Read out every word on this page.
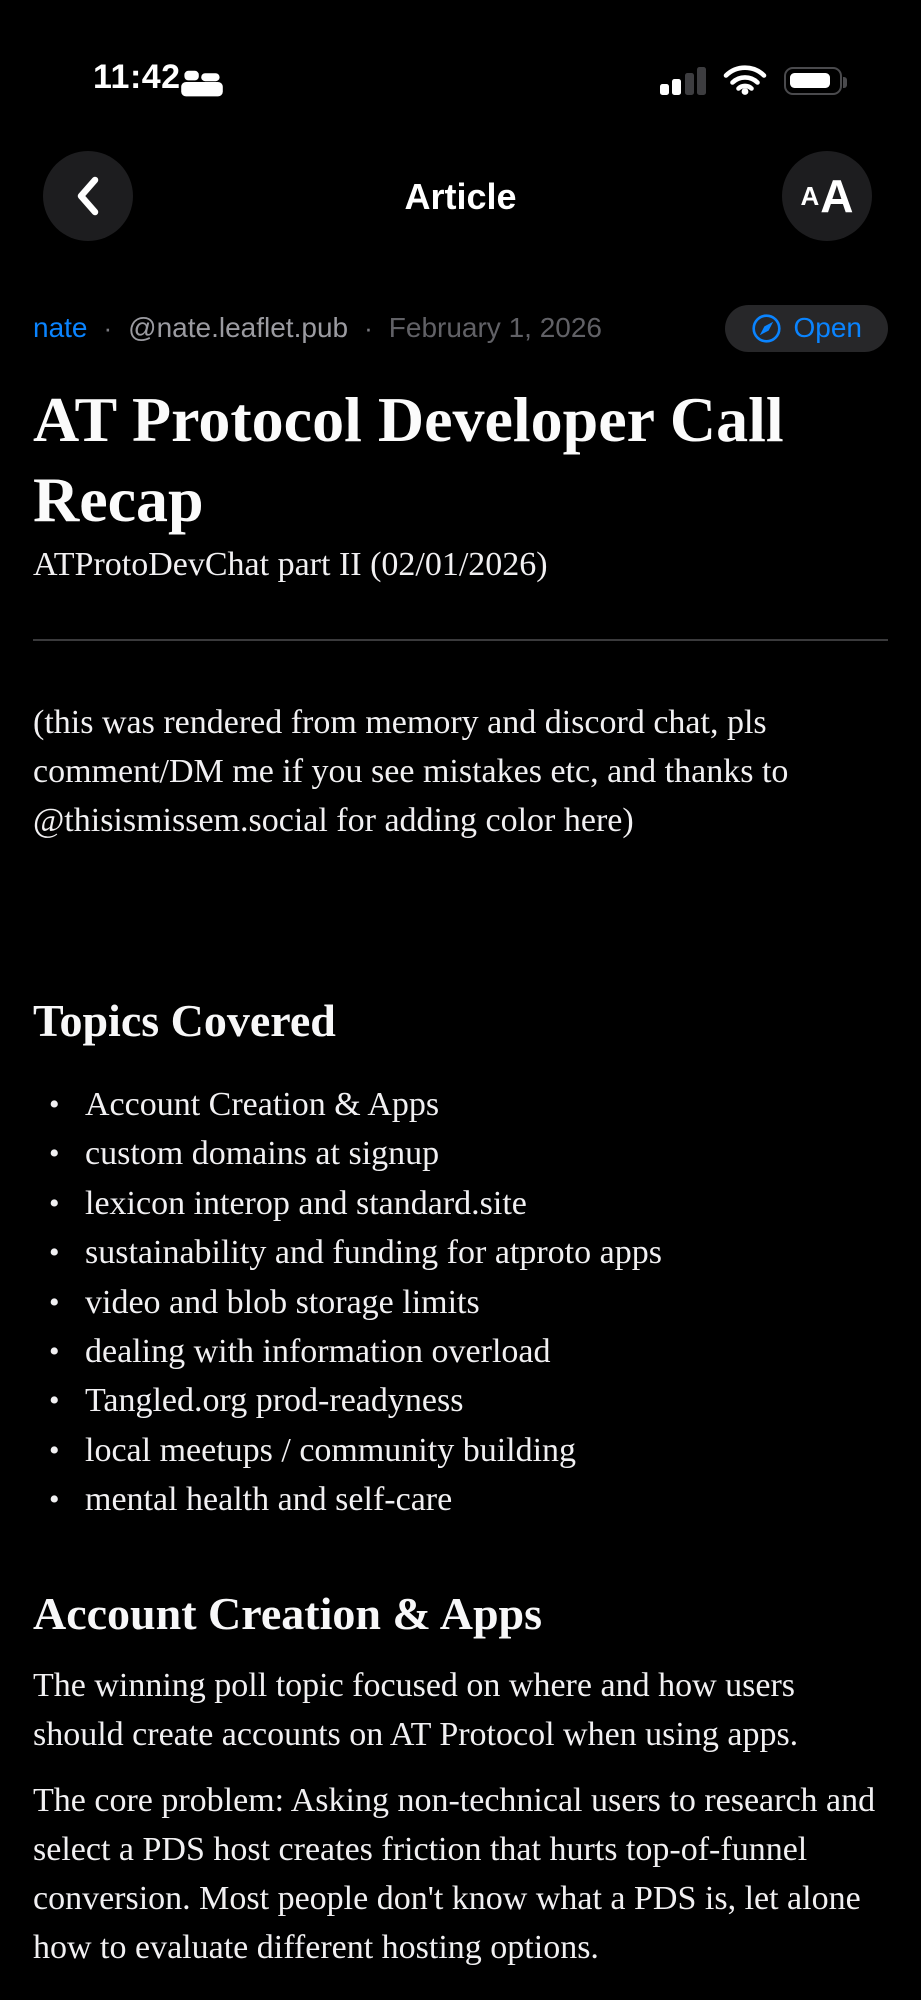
11:42
Article	A A
nate · @nate.leaflet.pub · February 1, 2026	Open
AT Protocol Developer Call Recap

ATProtoDevChat part II (02/01/2026)

(this was rendered from memory and discord chat, pls comment/DM me if you see mistakes etc, and thanks to @thisismissem.social for adding color here)

Topics Covered
• Account Creation & Apps
• custom domains at signup
• lexicon interop and standard.site
• sustainability and funding for atproto apps
• video and blob storage limits
• dealing with information overload
• Tangled.org prod-readyness
• local meetups / community building
• mental health and self-care
Account Creation & Apps

The winning poll topic focused on where and how users should create accounts on AT Protocol when using apps.

The core problem: Asking non-technical users to research and select a PDS host creates friction that hurts top-of-funnel conversion. Most people don't know what a PDS is, let alone how to evaluate different hosting options.
